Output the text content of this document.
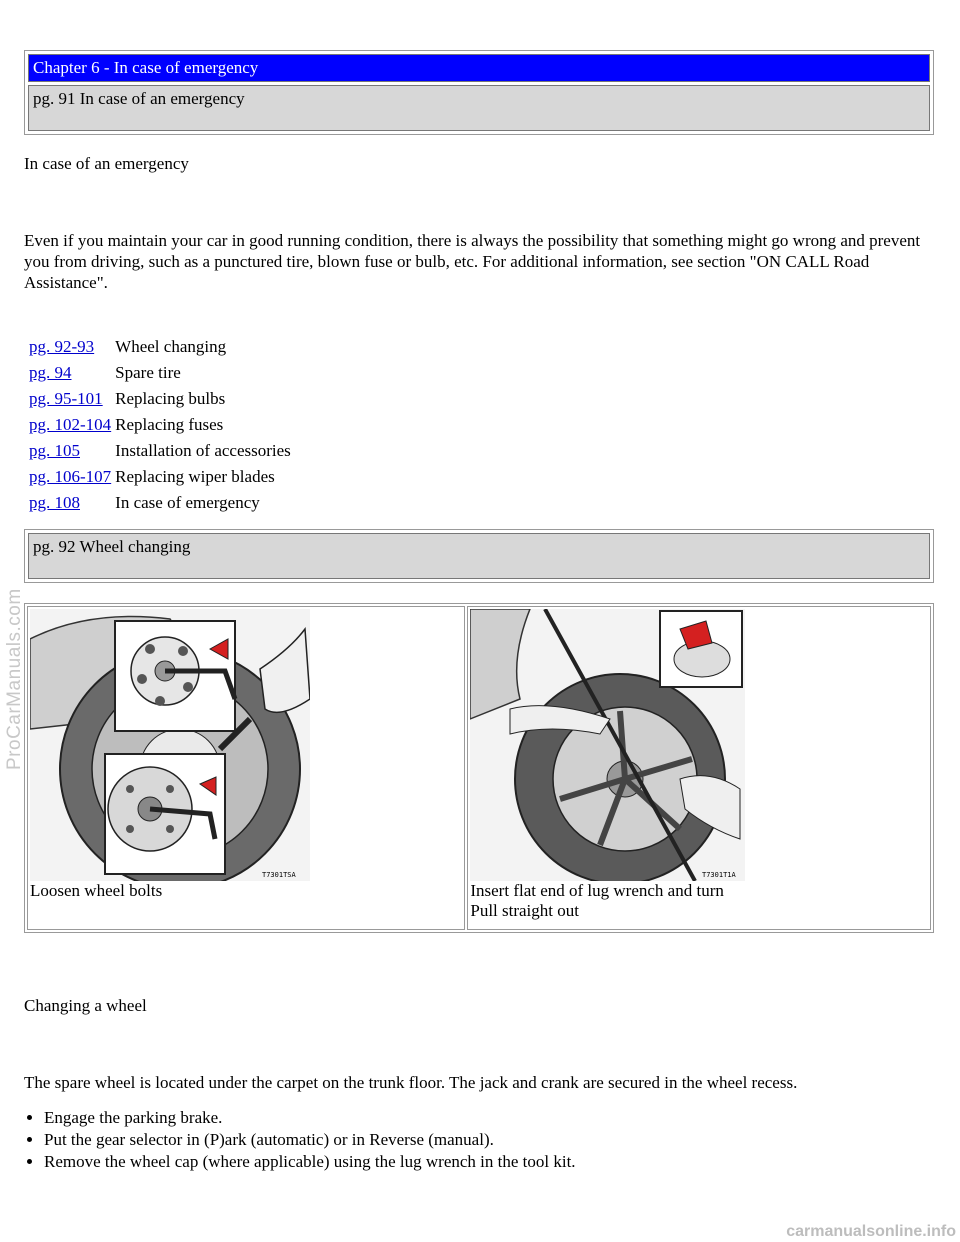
Chapter 6 - In case of emergency
pg. 91 In case of an emergency

In case of an emergency

Even if you maintain your car in good running condition, there is always the possibility that something might go wrong and prevent you from driving, such as a punctured tire, blown fuse or bulb, etc. For additional information, see section "ON CALL Road Assistance".

pg. 92-93	Wheel changing
pg. 94	Spare tire
pg. 95-101	Replacing bulbs
pg. 102-104	Replacing fuses
pg. 105	Installation of accessories
pg. 106-107	Replacing wiper blades
pg. 108	In case of emergency
pg. 92 Wheel changing
T7301TSA
Loosen wheel bolts

T7301T1A
Insert flat end of lug wrench and turn
Pull straight out

Changing a wheel

The spare wheel is located under the carpet on the trunk floor. The jack and crank are secured in the wheel recess.

• Engage the parking brake.
• Put the gear selector in (P)ark (automatic) or in Reverse (manual).
• Remove the wheel cap (where applicable) using the lug wrench in the tool kit.
ProCarManuals.com
carmanualsonline.info
